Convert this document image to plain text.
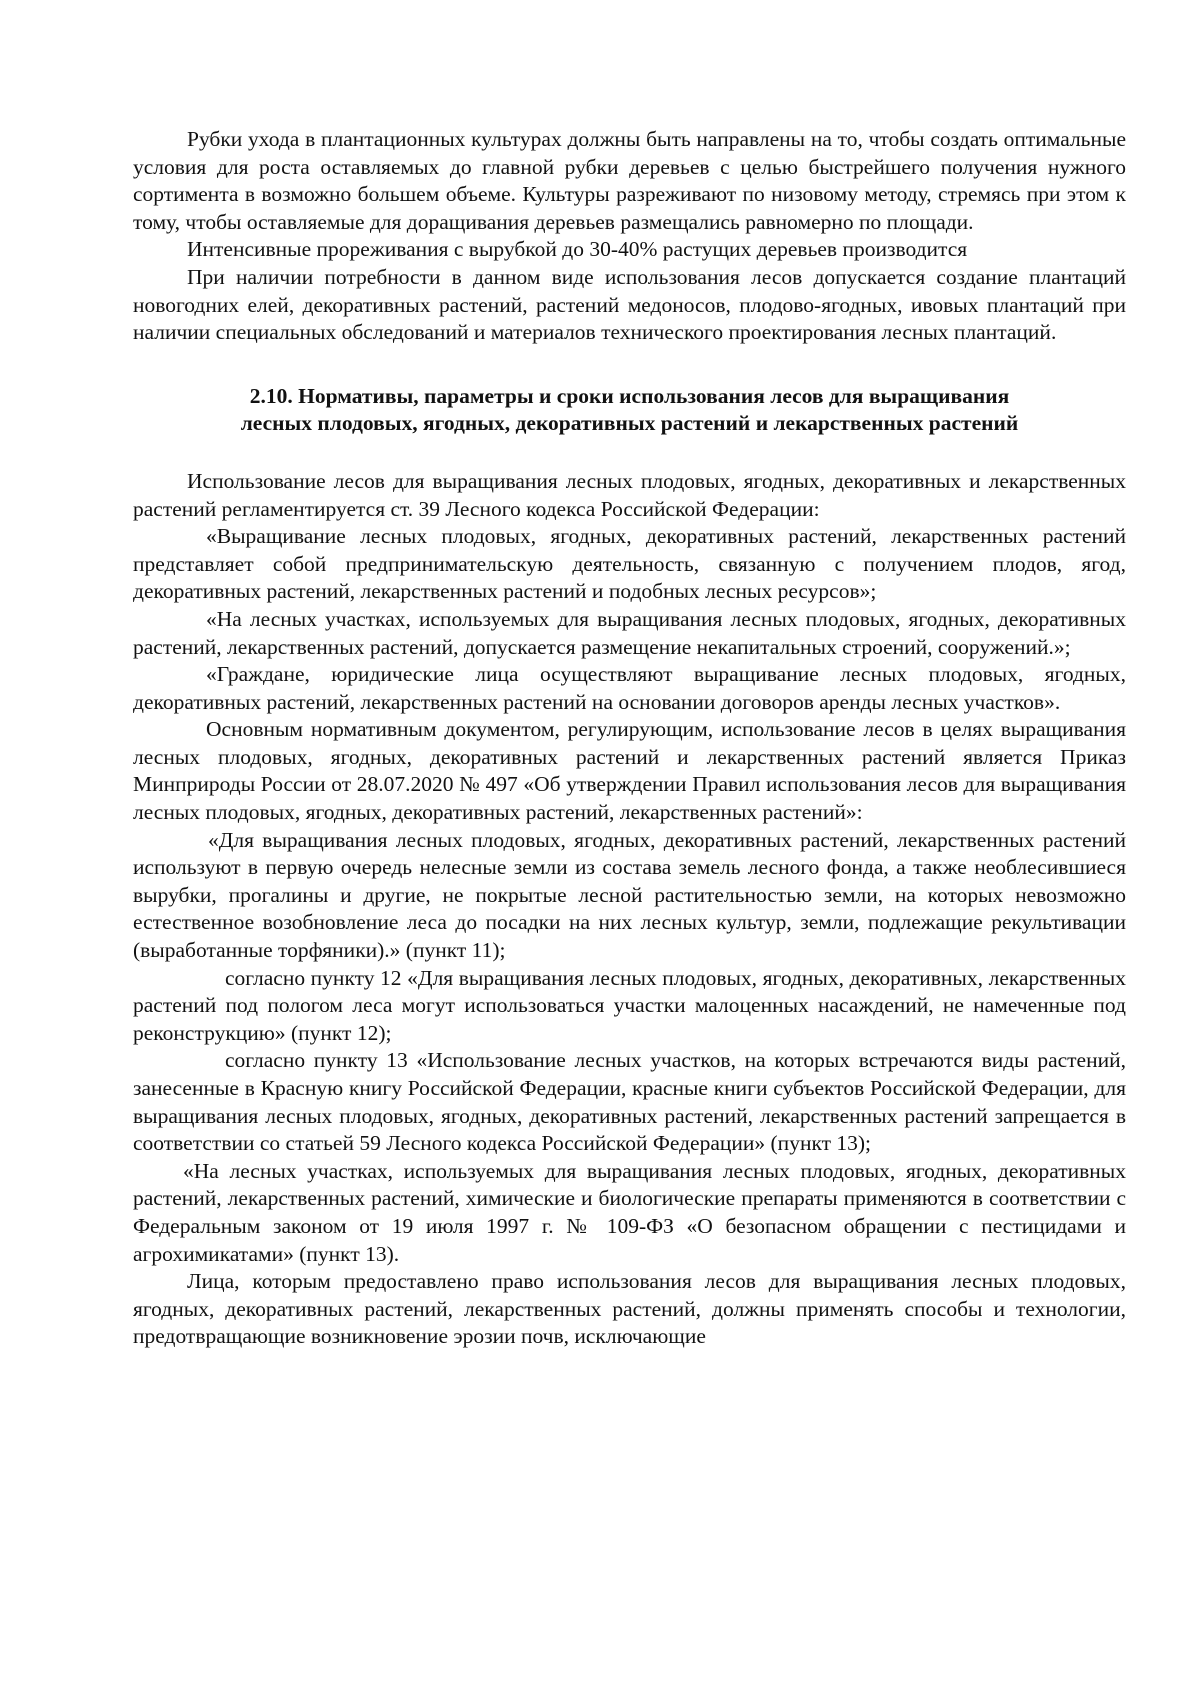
Рубки ухода в плантационных культурах должны быть направлены на то, чтобы создать оптимальные условия для роста оставляемых до главной рубки деревьев с целью быстрейшего получения нужного сортимента в возможно большем объеме. Культуры разреживают по низовому методу, стремясь при этом к тому, чтобы оставляемые для доращивания деревьев размещались равномерно по площади.

Интенсивные прореживания с вырубкой до 30-40% растущих деревьев производится

При наличии потребности в данном виде использования лесов допускается создание плантаций новогодних елей, декоративных растений, растений медоносов, плодово-ягодных, ивовых плантаций при наличии специальных обследований и материалов технического проектирования лесных плантаций.

2.10. Нормативы, параметры и сроки использования лесов для выращивания
лесных плодовых, ягодных, декоративных растений и лекарственных растений

Использование лесов для выращивания лесных плодовых, ягодных, декоративных и лекарственных растений регламентируется ст. 39 Лесного кодекса Российской Федерации:

«Выращивание лесных плодовых, ягодных, декоративных растений, лекарственных растений представляет собой предпринимательскую деятельность, связанную с получением плодов, ягод, декоративных растений, лекарственных растений и подобных лесных ресурсов»;

«На лесных участках, используемых для выращивания лесных плодовых, ягодных, декоративных растений, лекарственных растений, допускается размещение некапитальных строений, сооружений.»;

«Граждане, юридические лица осуществляют выращивание лесных плодовых, ягодных, декоративных растений, лекарственных растений на основании договоров аренды лесных участков».

Основным нормативным документом, регулирующим, использование лесов в целях выращивания лесных плодовых, ягодных, декоративных растений и лекарственных растений является Приказ Минприроды России от 28.07.2020 № 497 «Об утверждении Правил использования лесов для выращивания лесных плодовых, ягодных, декоративных растений, лекарственных растений»:

«Для выращивания лесных плодовых, ягодных, декоративных растений, лекарственных растений используют в первую очередь нелесные земли из состава земель лесного фонда, а также необлесившиеся вырубки, прогалины и другие, не покрытые лесной растительностью земли, на которых невозможно естественное возобновление леса до посадки на них лесных культур, земли, подлежащие рекультивации (выработанные торфяники).» (пункт 11);

согласно пункту 12 «Для выращивания лесных плодовых, ягодных, декоративных, лекарственных растений под пологом леса могут использоваться участки малоценных насаждений, не намеченные под реконструкцию» (пункт 12);

согласно пункту 13 «Использование лесных участков, на которых встречаются виды растений, занесенные в Красную книгу Российской Федерации, красные книги субъектов Российской Федерации, для выращивания лесных плодовых, ягодных, декоративных растений, лекарственных растений запрещается в соответствии со статьей 59 Лесного кодекса Российской Федерации» (пункт 13);

«На лесных участках, используемых для выращивания лесных плодовых, ягодных, декоративных растений, лекарственных растений, химические и биологические препараты применяются в соответствии с Федеральным законом от 19 июля 1997 г. № 109-ФЗ «О безопасном обращении с пестицидами и агрохимикатами» (пункт 13).

Лица, которым предоставлено право использования лесов для выращивания лесных плодовых, ягодных, декоративных растений, лекарственных растений, должны применять способы и технологии, предотвращающие возникновение эрозии почв, исключающие
